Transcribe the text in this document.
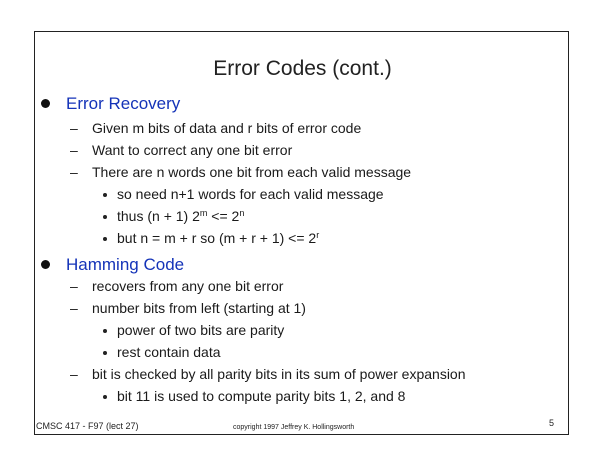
Error Codes (cont.)
Error Recovery
– Given m bits of data and r bits of error code
– Want to correct any one bit error
– There are n words one bit from each valid message
so need n+1 words for each valid message
thus (n + 1) $2^m <= 2^n$
but n = m + r so $(m + r + 1) <= 2^r$
Hamming Code
– recovers from any one bit error
– number bits from left (starting at 1)
power of two bits are parity
rest contain data
– bit is checked by all parity bits in its sum of power expansion
bit 11 is used to compute parity bits 1, 2, and 8
CMSC 417 - F97 (lect 27)	copyright 1997 Jeffrey K. Hollingsworth	5
